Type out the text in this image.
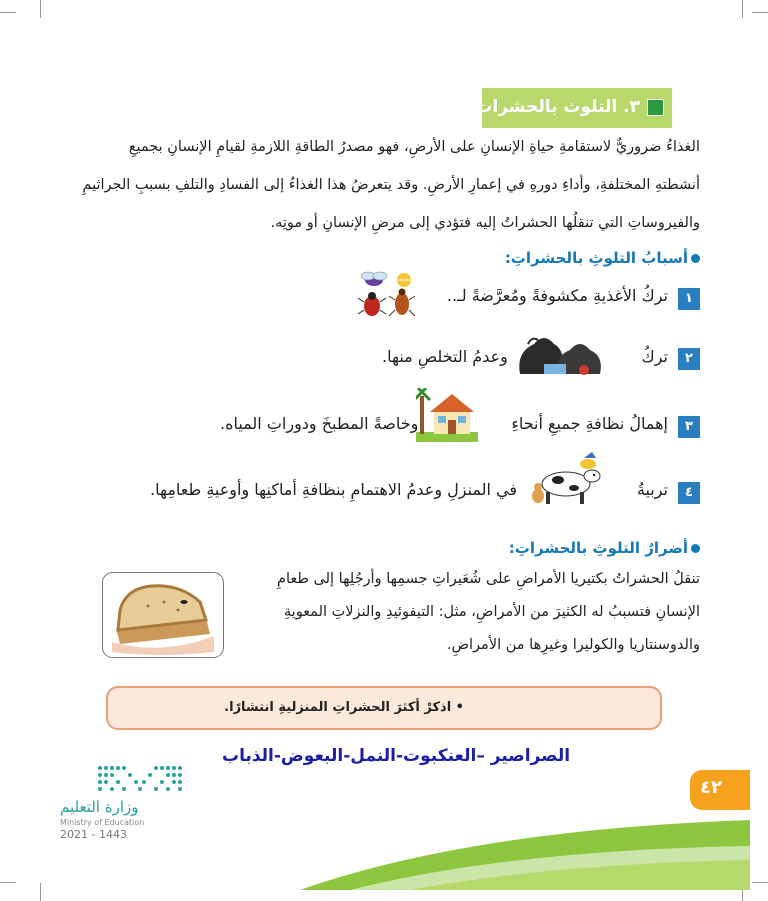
٣. التلوث بالحشرات:
الغذاءُ ضروريٌّ لاستقامةِ حياةِ الإنسانِ على الأرضِ، فهو مصدرُ الطاقةِ اللازمةِ لقيامِ الإنسانِ بجميعِ
أنشطتهِ المختلفةِ، وأداءِ دورهِ في إعمارِ الأرضِ. وقد يتعرضُ هذا الغذاءُ إلى الفسادِ والتلفِ بسببِ الجراثيمِ
والفيروساتِ التي تنقلُها الحشراتُ إليه فتؤدي إلى مرضِ الإنسانِ أو موتِه.
أسبابُ التلوثِ بالحشراتِ:
١
تركُ الأغذيةِ مكشوفةً ومُعرَّضةً لـ..
٢
تركُ
وعدمُ التخلصِ منها.
٣
إهمالُ نظافةِ جميعِ أنحاءِ
وخاصةً المطبخَ ودوراتِ المياه.
٤
تربيةُ
في المنزلِ وعدمُ الاهتمامِ بنظافةِ أماكنِها وأوعيةِ طعامِها.
أضرارُ التلوثِ بالحشراتِ:
تنقلُ الحشراتُ بكتيريا الأمراضِ على شُعَيراتِ جسمِها وأرجُلِها إلى طعامِ
الإنسانِ فتسببُ له الكثيرَ من الأمراضِ، مثل: التيفوئيدِ والنزلاتِ المعويةِ
والدوسنتاريا والكوليرا وغيرِها من الأمراضِ.
• اذكرْ أكثرَ الحشراتِ المنزليةِ انتشارًا.
الصراصير –العنكبوت-النمل-البعوض-الذباب
وزارة التعليم
Ministry of Education
2021 - 1443
٤٢
